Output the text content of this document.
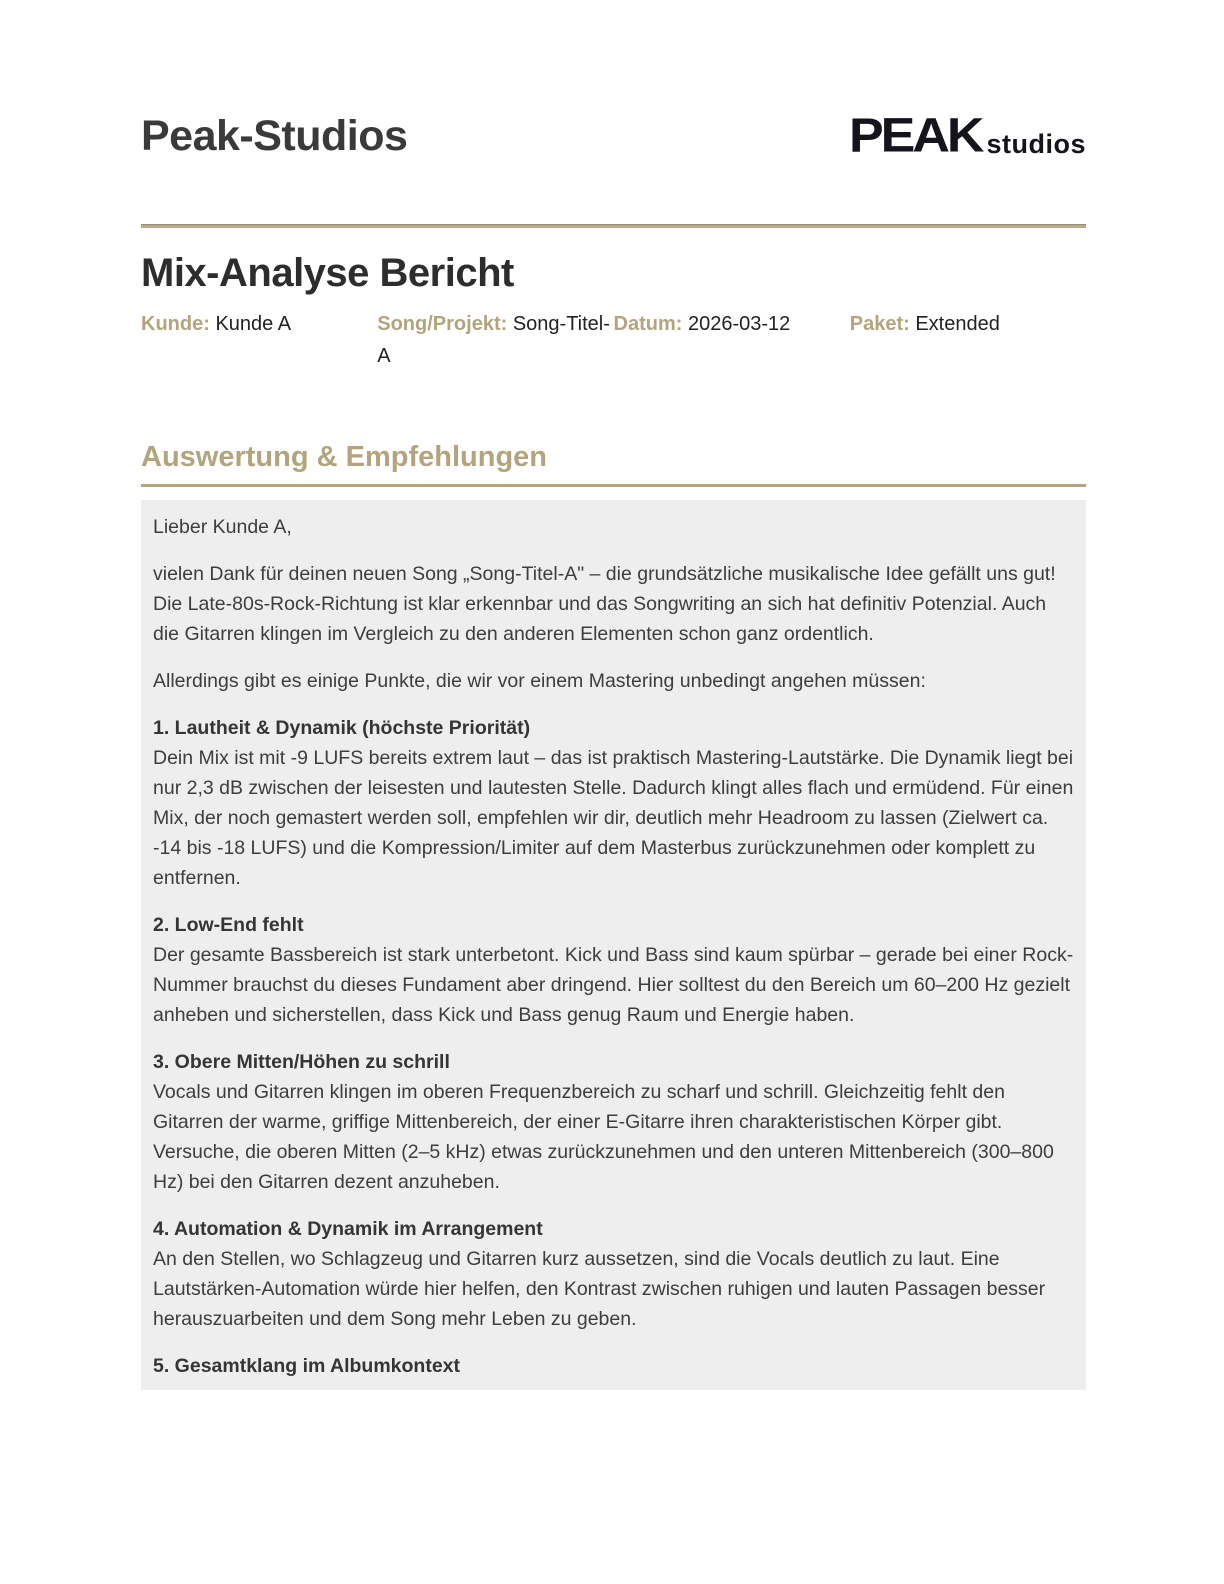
Peak-Studios	PEAK studios
Mix-Analyse Bericht
Kunde: Kunde A	Song/Projekt: Song-Titel-A
Datum: 2026-03-12	Paket: Extended
Auswertung & Empfehlungen

Lieber Kunde A,

vielen Dank für deinen neuen Song „Song-Titel-A" – die grundsätzliche musikalische Idee gefällt uns gut! Die Late-80s-Rock-Richtung ist klar erkennbar und das Songwriting an sich hat definitiv Potenzial. Auch die Gitarren klingen im Vergleich zu den anderen Elementen schon ganz ordentlich.

Allerdings gibt es einige Punkte, die wir vor einem Mastering unbedingt angehen müssen:

1. Lautheit & Dynamik (höchste Priorität)
Dein Mix ist mit -9 LUFS bereits extrem laut – das ist praktisch Mastering-Lautstärke. Die Dynamik liegt bei nur 2,3 dB zwischen der leisesten und lautesten Stelle. Dadurch klingt alles flach und ermüdend. Für einen Mix, der noch gemastert werden soll, empfehlen wir dir, deutlich mehr Headroom zu lassen (Zielwert ca. -14 bis -18 LUFS) und die Kompression/Limiter auf dem Masterbus zurückzunehmen oder komplett zu entfernen.

2. Low-End fehlt
Der gesamte Bassbereich ist stark unterbetont. Kick und Bass sind kaum spürbar – gerade bei einer Rock-Nummer brauchst du dieses Fundament aber dringend. Hier solltest du den Bereich um 60–200 Hz gezielt anheben und sicherstellen, dass Kick und Bass genug Raum und Energie haben.

3. Obere Mitten/Höhen zu schrill
Vocals und Gitarren klingen im oberen Frequenzbereich zu scharf und schrill. Gleichzeitig fehlt den Gitarren der warme, griffige Mittenbereich, der einer E-Gitarre ihren charakteristischen Körper gibt. Versuche, die oberen Mitten (2–5 kHz) etwas zurückzunehmen und den unteren Mittenbereich (300–800 Hz) bei den Gitarren dezent anzuheben.

4. Automation & Dynamik im Arrangement
An den Stellen, wo Schlagzeug und Gitarren kurz aussetzen, sind die Vocals deutlich zu laut. Eine Lautstärken-Automation würde hier helfen, den Kontrast zwischen ruhigen und lauten Passagen besser herauszuarbeiten und dem Song mehr Leben zu geben.

5. Gesamtklang im Albumkontext
